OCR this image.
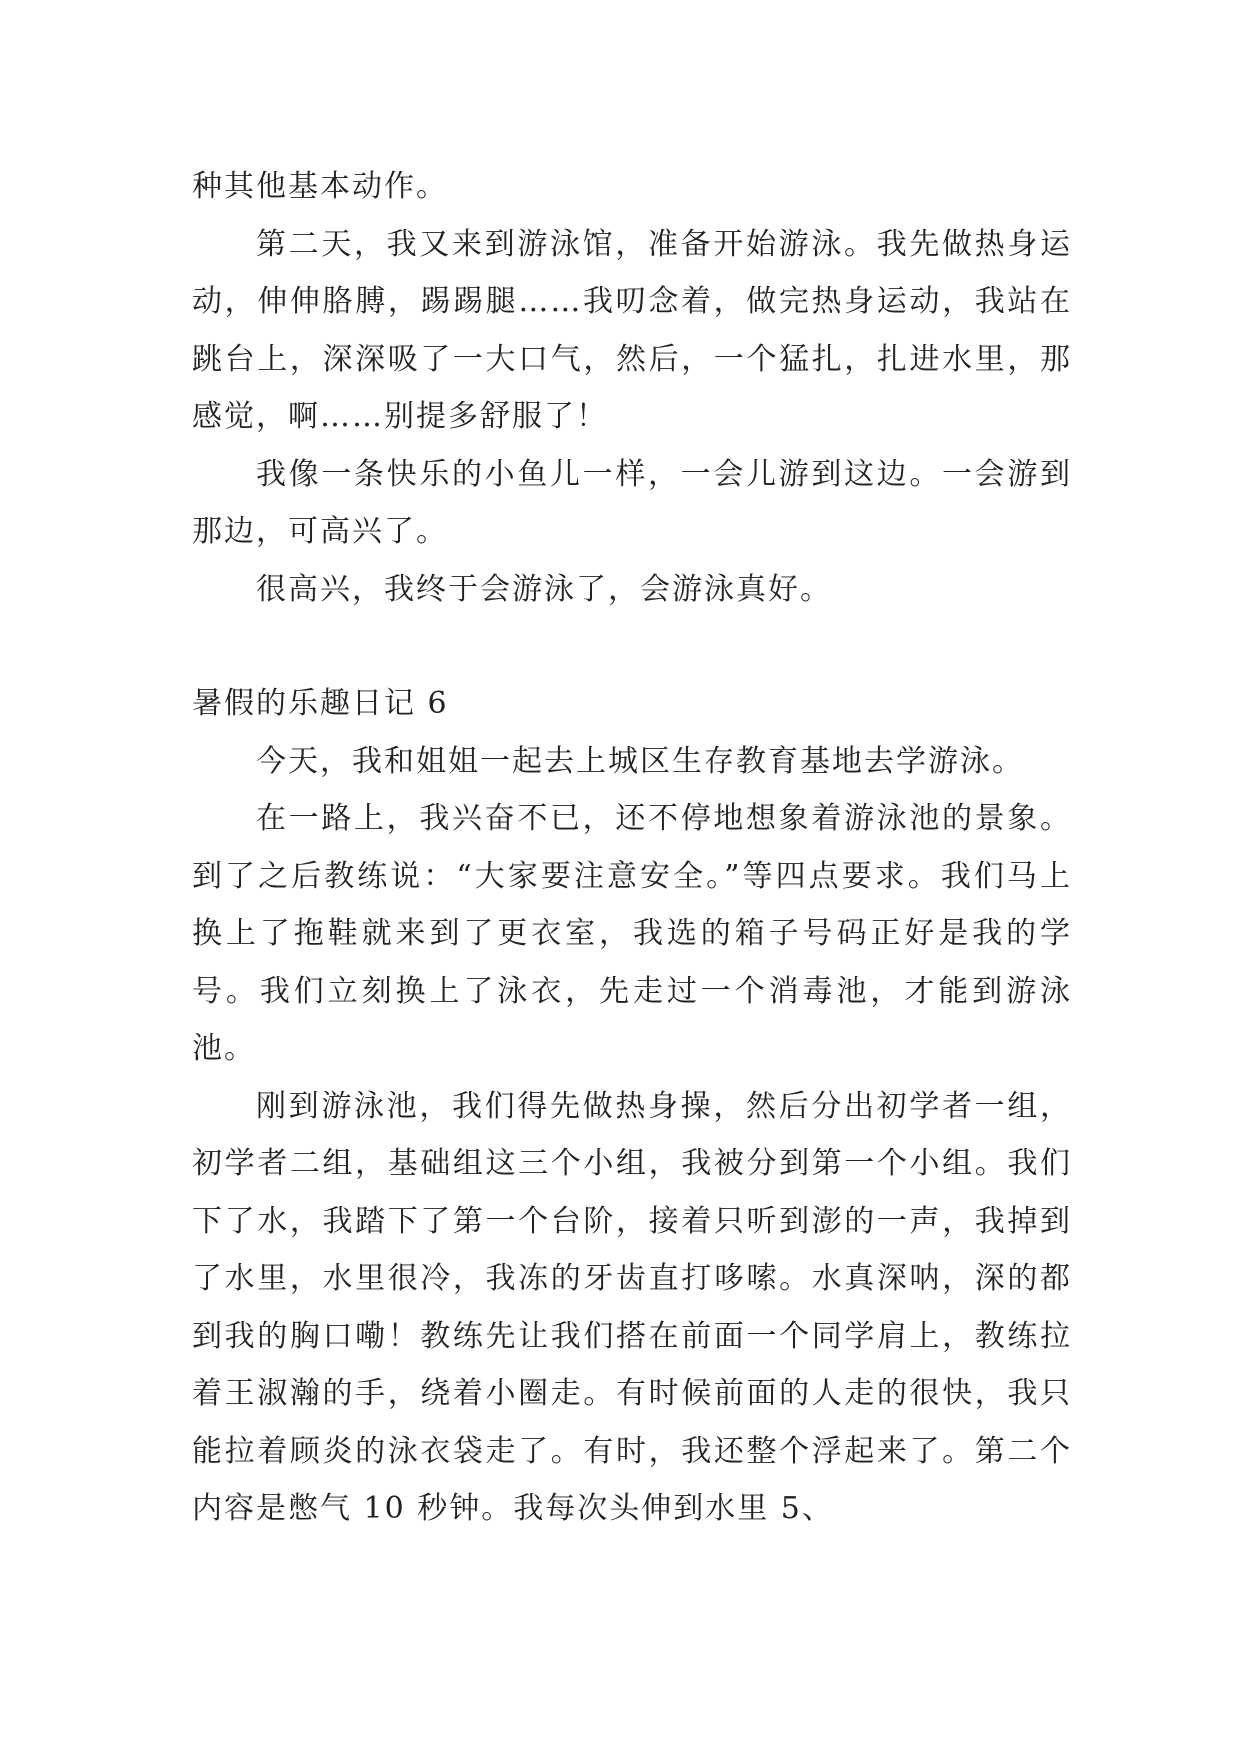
种其他基本动作。

第二天，我又来到游泳馆，准备开始游泳。我先做热身运动，伸伸胳膊，踢踢腿……我叨念着，做完热身运动，我站在跳台上，深深吸了一大口气，然后，一个猛扎，扎进水里，那感觉，啊……别提多舒服了！

我像一条快乐的小鱼儿一样，一会儿游到这边。一会游到那边，可高兴了。

很高兴，我终于会游泳了，会游泳真好。

暑假的乐趣日记 6

今天，我和姐姐一起去上城区生存教育基地去学游泳。

在一路上，我兴奋不已，还不停地想象着游泳池的景象。到了之后教练说：“大家要注意安全。”等四点要求。我们马上换上了拖鞋就来到了更衣室，我选的箱子号码正好是我的学号。我们立刻换上了泳衣，先走过一个消毒池，才能到游泳池。

刚到游泳池，我们得先做热身操，然后分出初学者一组，初学者二组，基础组这三个小组，我被分到第一个小组。我们下了水，我踏下了第一个台阶，接着只听到澎的一声，我掉到了水里，水里很冷，我冻的牙齿直打哆嗦。水真深呐，深的都到我的胸口嘞！教练先让我们搭在前面一个同学肩上，教练拉着王淑瀚的手，绕着小圈走。有时候前面的人走的很快，我只能拉着顾炎的泳衣袋走了。有时，我还整个浮起来了。第二个内容是憋气 10 秒钟。我每次头伸到水里 5、
